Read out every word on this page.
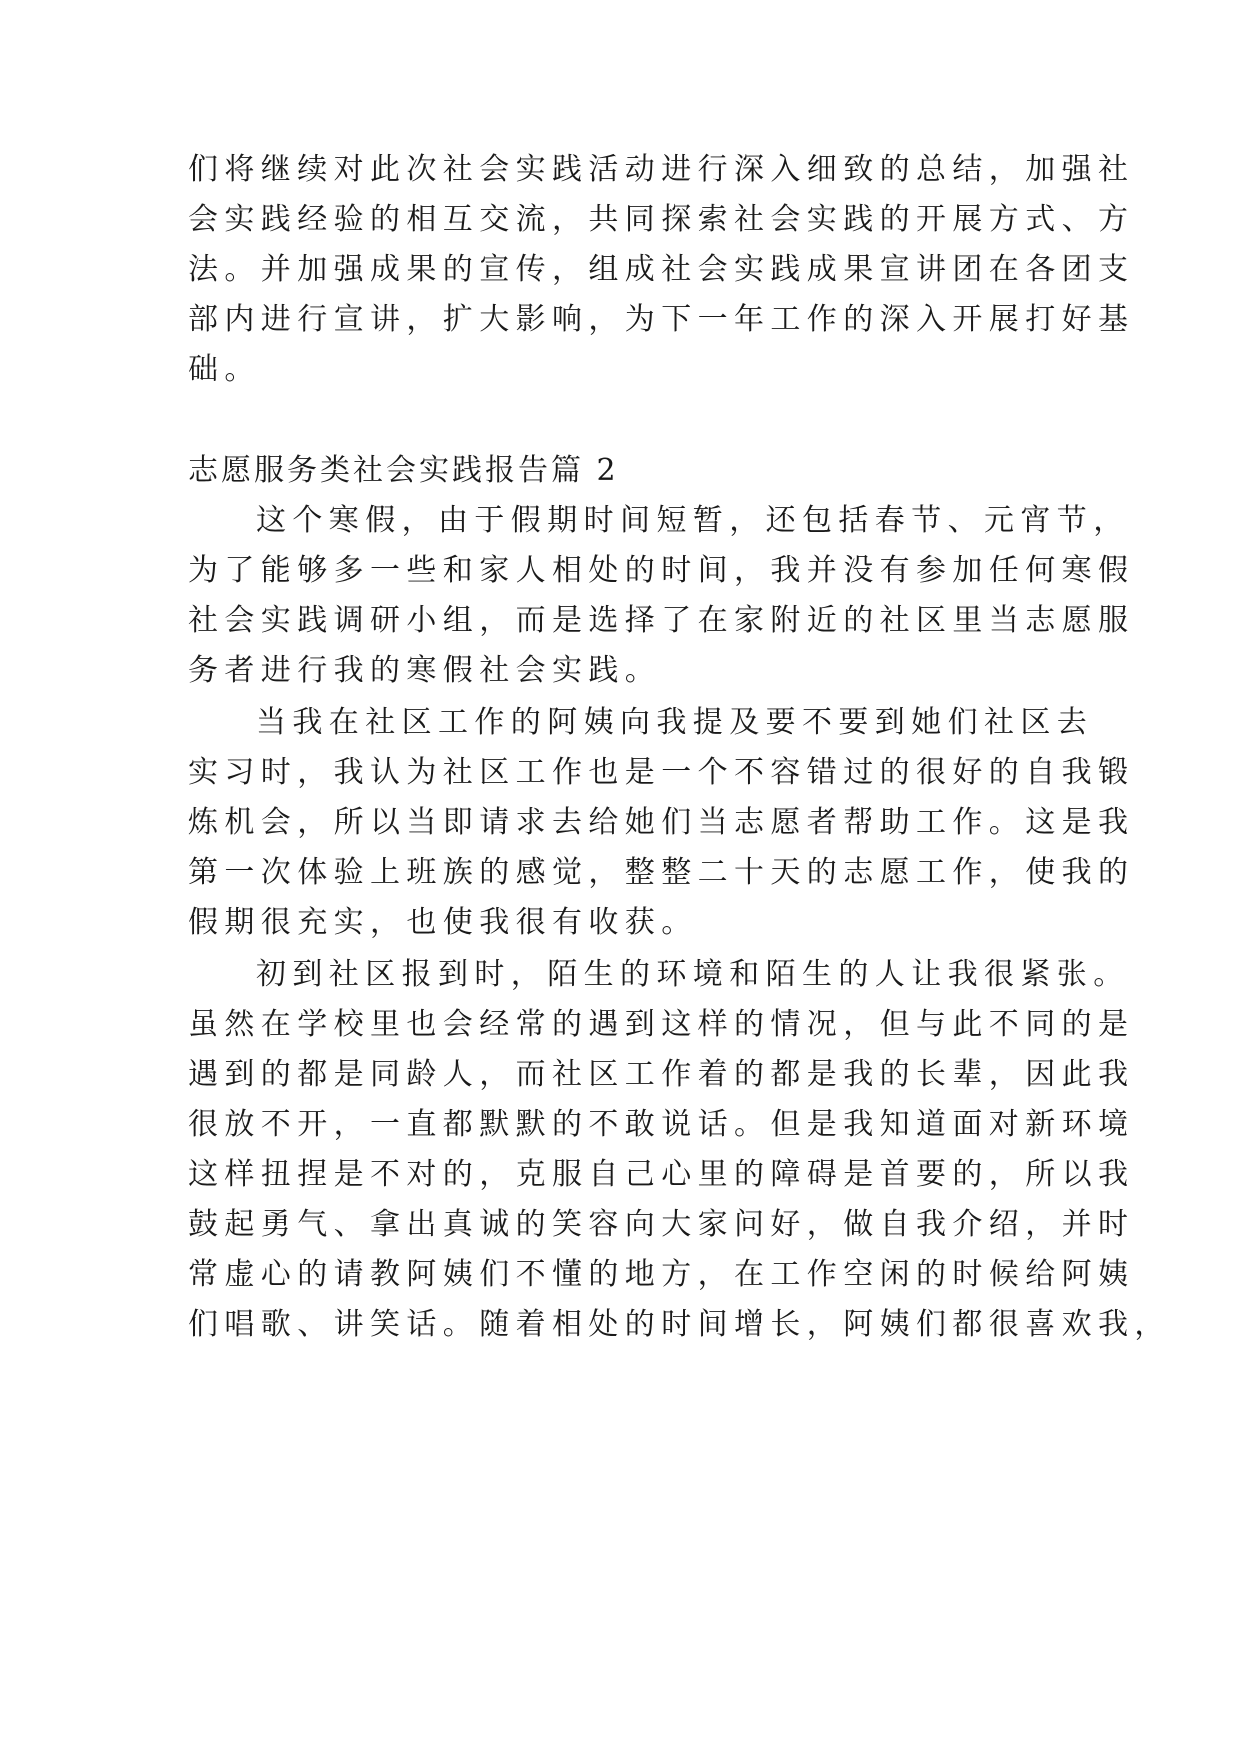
们将继续对此次社会实践活动进行深入细致的总结，加强社
会实践经验的相互交流，共同探索社会实践的开展方式、方
法。并加强成果的宣传，组成社会实践成果宣讲团在各团支
部内进行宣讲，扩大影响，为下一年工作的深入开展打好基
础。
志愿服务类社会实践报告篇 2
这个寒假，由于假期时间短暂，还包括春节、元宵节，
为了能够多一些和家人相处的时间，我并没有参加任何寒假
社会实践调研小组，而是选择了在家附近的社区里当志愿服
务者进行我的寒假社会实践。
当我在社区工作的阿姨向我提及要不要到她们社区去
实习时，我认为社区工作也是一个不容错过的很好的自我锻
炼机会，所以当即请求去给她们当志愿者帮助工作。这是我
第一次体验上班族的感觉，整整二十天的志愿工作，使我的
假期很充实，也使我很有收获。
初到社区报到时，陌生的环境和陌生的人让我很紧张。
虽然在学校里也会经常的遇到这样的情况，但与此不同的是
遇到的都是同龄人，而社区工作着的都是我的长辈，因此我
很放不开，一直都默默的不敢说话。但是我知道面对新环境
这样扭捏是不对的，克服自己心里的障碍是首要的，所以我
鼓起勇气、拿出真诚的笑容向大家问好，做自我介绍，并时
常虚心的请教阿姨们不懂的地方，在工作空闲的时候给阿姨
们唱歌、讲笑话。随着相处的时间增长，阿姨们都很喜欢我，
